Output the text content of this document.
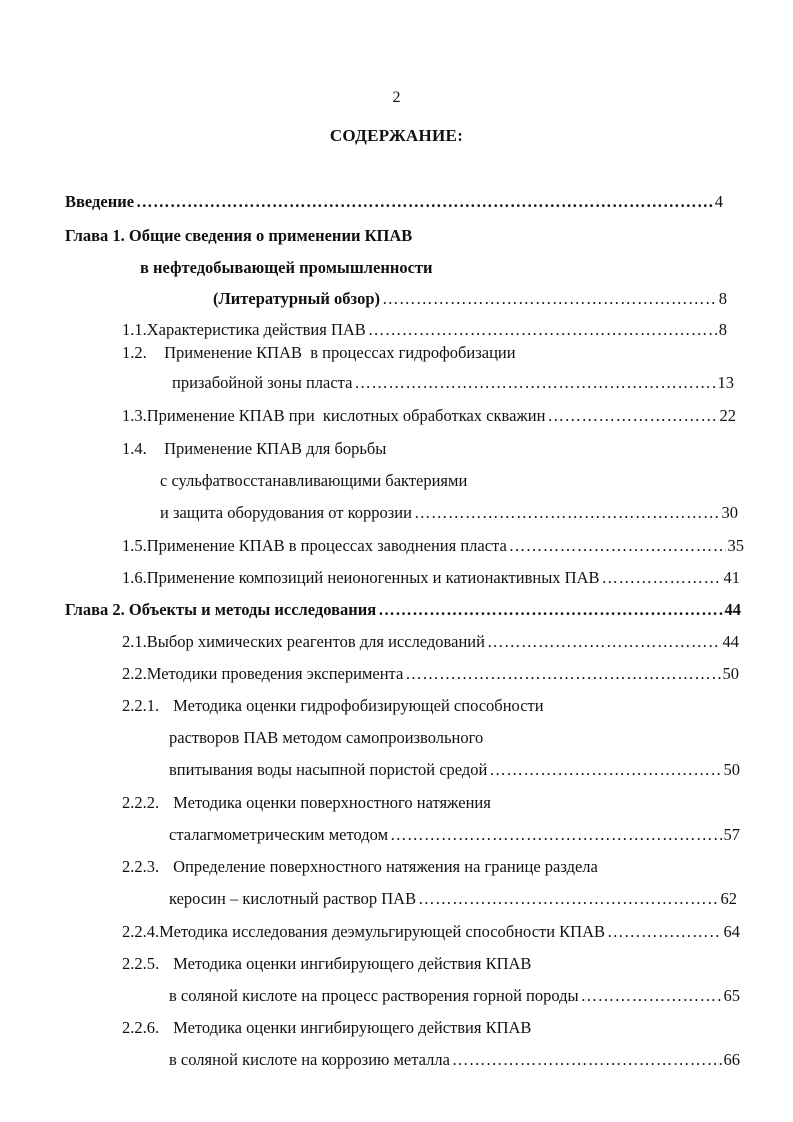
2
СОДЕРЖАНИЕ:
Введение ………………………………………………………………………………………………………………………………………………………………	4
Глава 1. Общие сведения о применении КПАВ
в нефтедобывающей промышленности
(Литературный обзор) ………………………………………………………………………………………………………………………………………………………………	8
1.1. Характеристика действия ПАВ ………………………………………………………………………………………………………………………………………………………………	8
1.2. Применение КПАВ  в процессах гидрофобизации
призабойной зоны пласта ………………………………………………………………………………………………………………………………………………………………	13
1.3. Применение КПАВ при  кислотных обработках скважин ………………………………………………………………………………………………………………………………………………………………	22
1.4. Применение КПАВ для борьбы
с сульфатвосстанавливающими бактериями
и защита оборудования от коррозии ………………………………………………………………………………………………………………………………………………………………	30
1.5. Применение КПАВ в процессах заводнения пласта ………………………………………………………………………………………………………………………………………………………………	35
1.6. Применение композиций неионогенных и катионактивных ПАВ ………………………………………………………………………………………………………………………………………………………………	41
Глава 2. Объекты и методы исследования ………………………………………………………………………………………………………………………………………………………………	44
2.1. Выбор химических реагентов для исследований ………………………………………………………………………………………………………………………………………………………………	44
2.2. Методики проведения эксперимента ………………………………………………………………………………………………………………………………………………………………	50
2.2.1. Методика оценки гидрофобизирующей способности
растворов ПАВ методом самопроизвольного
впитывания воды насыпной пористой средой ………………………………………………………………………………………………………………………………………………………………	50
2.2.2. Методика оценки поверхностного натяжения
сталагмометрическим методом ………………………………………………………………………………………………………………………………………………………………	57
2.2.3. Определение поверхностного натяжения на границе раздела
керосин – кислотный раствор ПАВ ………………………………………………………………………………………………………………………………………………………………	62
2.2.4. Методика исследования деэмульгирующей способности КПАВ ………………………………………………………………………………………………………………………………………………………………	64
2.2.5. Методика оценки ингибирующего действия КПАВ
в соляной кислоте на процесс растворения горной породы ………………………………………………………………………………………………………………………………………………………………	65
2.2.6. Методика оценки ингибирующего действия КПАВ
в соляной кислоте на коррозию металла ………………………………………………………………………………………………………………………………………………………………	66
